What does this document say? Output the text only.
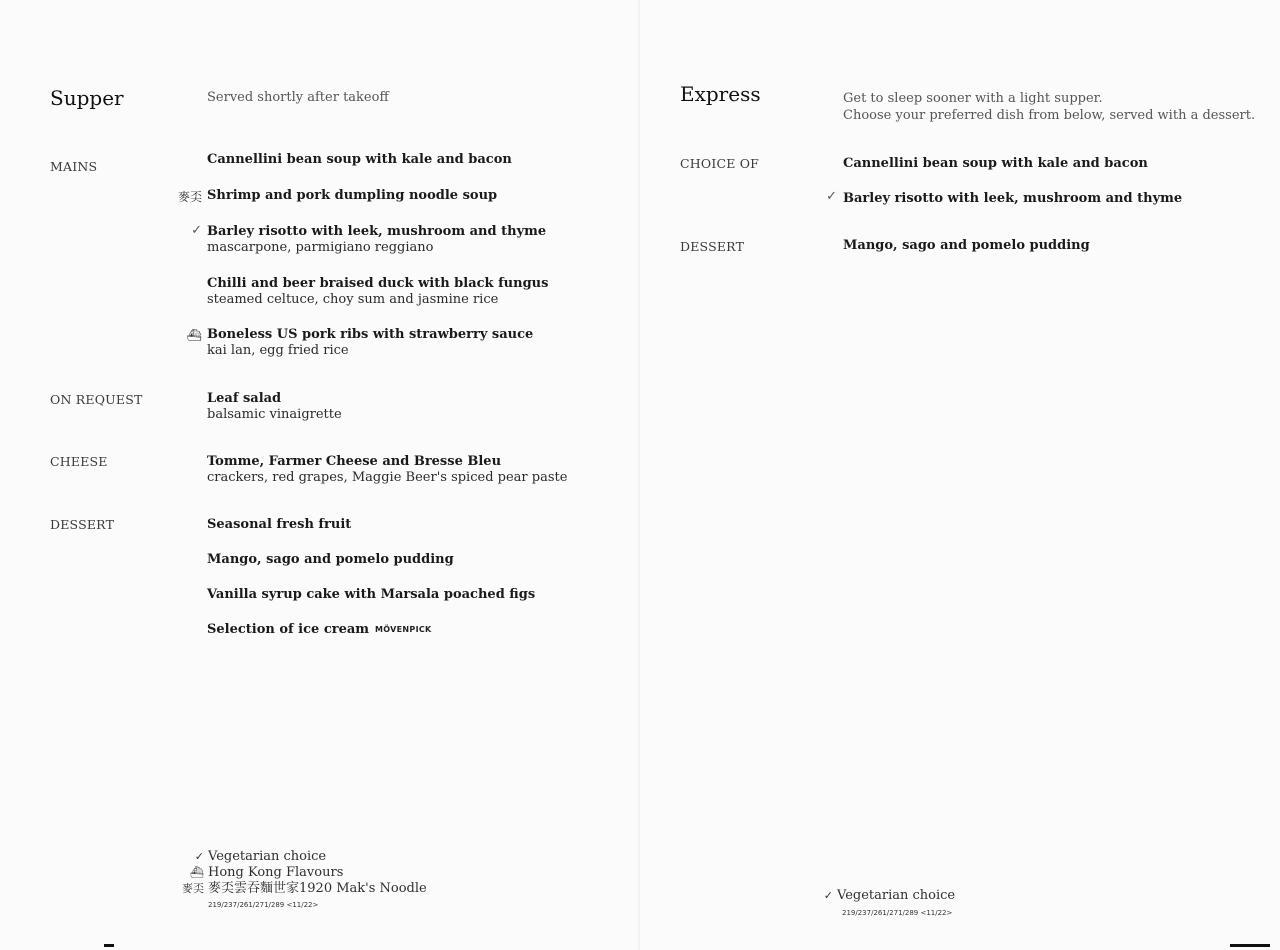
Supper	Served shortly after takeoff
MAINS	Cannellini bean soup with kale and bacon
麥奀 Shrimp and pork dumpling noodle soup
✓ Barley risotto with leek, mushroom and thyme
mascarpone, parmigiano reggiano
Chilli and beer braised duck with black fungus
steamed celtuce, choy sum and jasmine rice
⛴ Boneless US pork ribs with strawberry sauce
kai lan, egg fried rice
ON REQUEST	Leaf salad
balsamic vinaigrette
CHEESE	Tomme, Farmer Cheese and Bresse Bleu
crackers, red grapes, Maggie Beer's spiced pear paste
DESSERT	Seasonal fresh fruit
Mango, sago and pomelo pudding
Vanilla syrup cake with Marsala poached figs
Selection of ice cream MÖVENPICK
✓ Vegetarian choice
⛴ Hong Kong Flavours
麥奀 麥奀雲吞麵世家1920 Mak's Noodle
219/237/261/271/289 <11/22>
Express	Get to sleep sooner with a light supper.
Choose your preferred dish from below, served with a dessert.
CHOICE OF	Cannellini bean soup with kale and bacon
✓ Barley risotto with leek, mushroom and thyme
DESSERT	Mango, sago and pomelo pudding
✓ Vegetarian choice
219/237/261/271/289 <11/22>
